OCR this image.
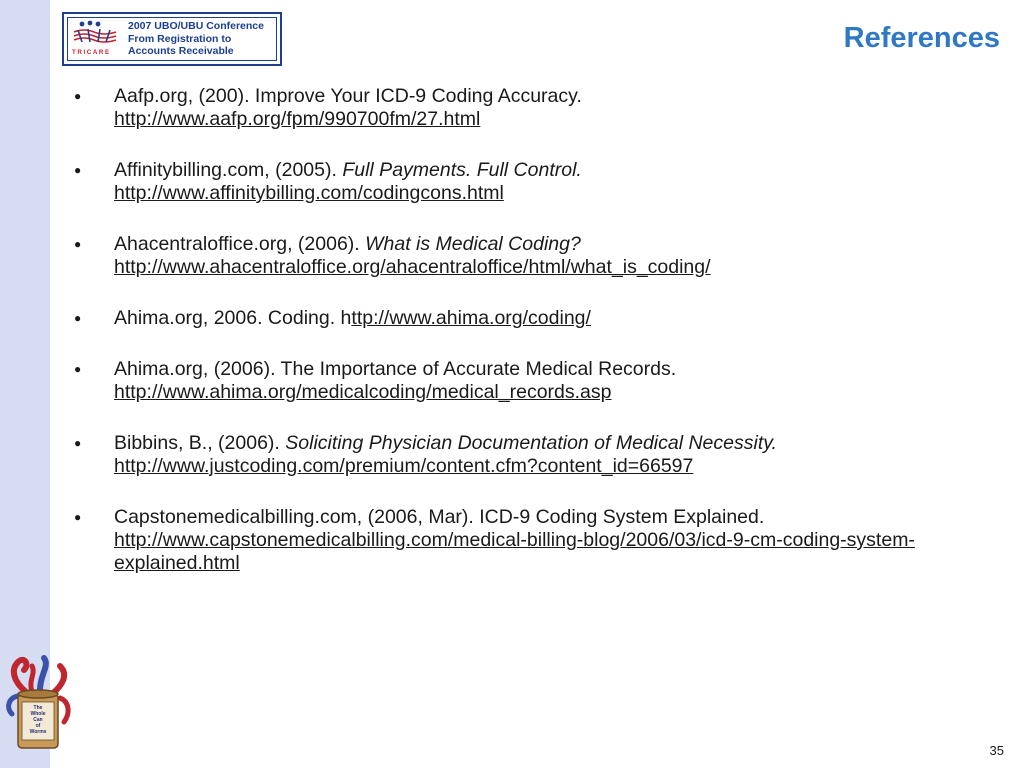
TRICARE
2007 UBO/UBU Conference
From Registration to
Accounts Receivable	References
● Aafp.org, (200). Improve Your ICD-9 Coding Accuracy.
http://www.aafp.org/fpm/990700fm/27.html
● Affinitybilling.com, (2005). Full Payments. Full Control.
http://www.affinitybilling.com/codingcons.html
● Ahacentraloffice.org, (2006). What is Medical Coding?
http://www.ahacentraloffice.org/ahacentraloffice/html/what_is_coding/
● Ahima.org, 2006. Coding. http://www.ahima.org/coding/
● Ahima.org, (2006). The Importance of Accurate Medical Records.
http://www.ahima.org/medicalcoding/medical_records.asp
● Bibbins, B., (2006). Soliciting Physician Documentation of Medical Necessity.
http://www.justcoding.com/premium/content.cfm?content_id=66597
● Capstonemedicalbilling.com, (2006, Mar). ICD-9 Coding System Explained.
http://www.capstonemedicalbilling.com/medical-billing-blog/2006/03/icd-9-cm-coding-system-explained.html
The
Whole
Can
of
Worms
35
